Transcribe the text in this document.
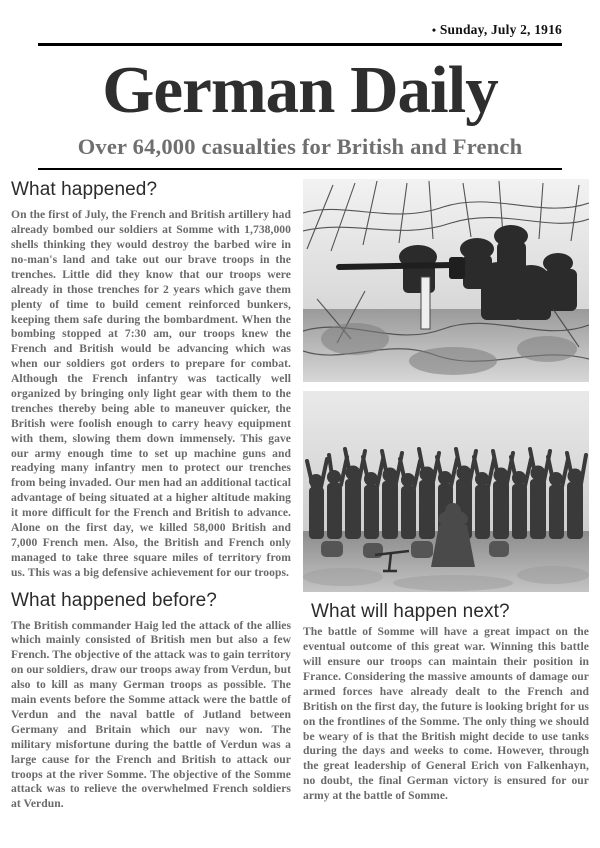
• Sunday, July 2, 1916
German Daily
Over 64,000 casualties for British and French
What happened?

On the first of July, the French and British artillery had already bombed our soldiers at Somme with 1,738,000 shells thinking they would destroy the barbed wire in no-man's land and take out our brave troops in the trenches. Little did they know that our troops were already in those trenches for 2 years which gave them plenty of time to build cement reinforced bunkers, keeping them safe during the bombardment. When the bombing stopped at 7:30 am, our troops knew the French and British would be advancing which was when our soldiers got orders to prepare for combat. Although the French infantry was tactically well organized by bringing only light gear with them to the trenches thereby being able to maneuver quicker, the British were foolish enough to carry heavy equipment with them, slowing them down immensely. This gave our army enough time to set up machine guns and readying many infantry men to protect our trenches from being invaded. Our men had an additional tactical advantage of being situated at a higher altitude making it more difficult for the French and British to advance. Alone on the first day, we killed 58,000 British and 7,000 French men. Also, the British and French only managed to take three square miles of territory from us. This was a big defensive achievement for our troops.

What happened before?

The British commander Haig led the attack of the allies which mainly consisted of British men but also a few French. The objective of the attack was to gain territory on our soldiers, draw our troops away from Verdun, but also to kill as many German troops as possible. The main events before the Somme attack were the battle of Verdun and the naval battle of Jutland between Germany and Britain which our navy won. The military misfortune during the battle of Verdun was a large cause for the French and British to attack our troops at the river Somme. The objective of the Somme attack was to relieve the overwhelmed French soldiers at Verdun.

What will happen next?

The battle of Somme will have a great impact on the eventual outcome of this great war. Winning this battle will ensure our troops can maintain their position in France. Considering the massive amounts of damage our armed forces have already dealt to the French and British on the first day, the future is looking bright for us on the frontlines of the Somme. The only thing we should be weary of is that the British might decide to use tanks during the days and weeks to come. However, through the great leadership of General Erich von Falkenhayn, no doubt, the final German victory is ensured for our army at the battle of Somme.
